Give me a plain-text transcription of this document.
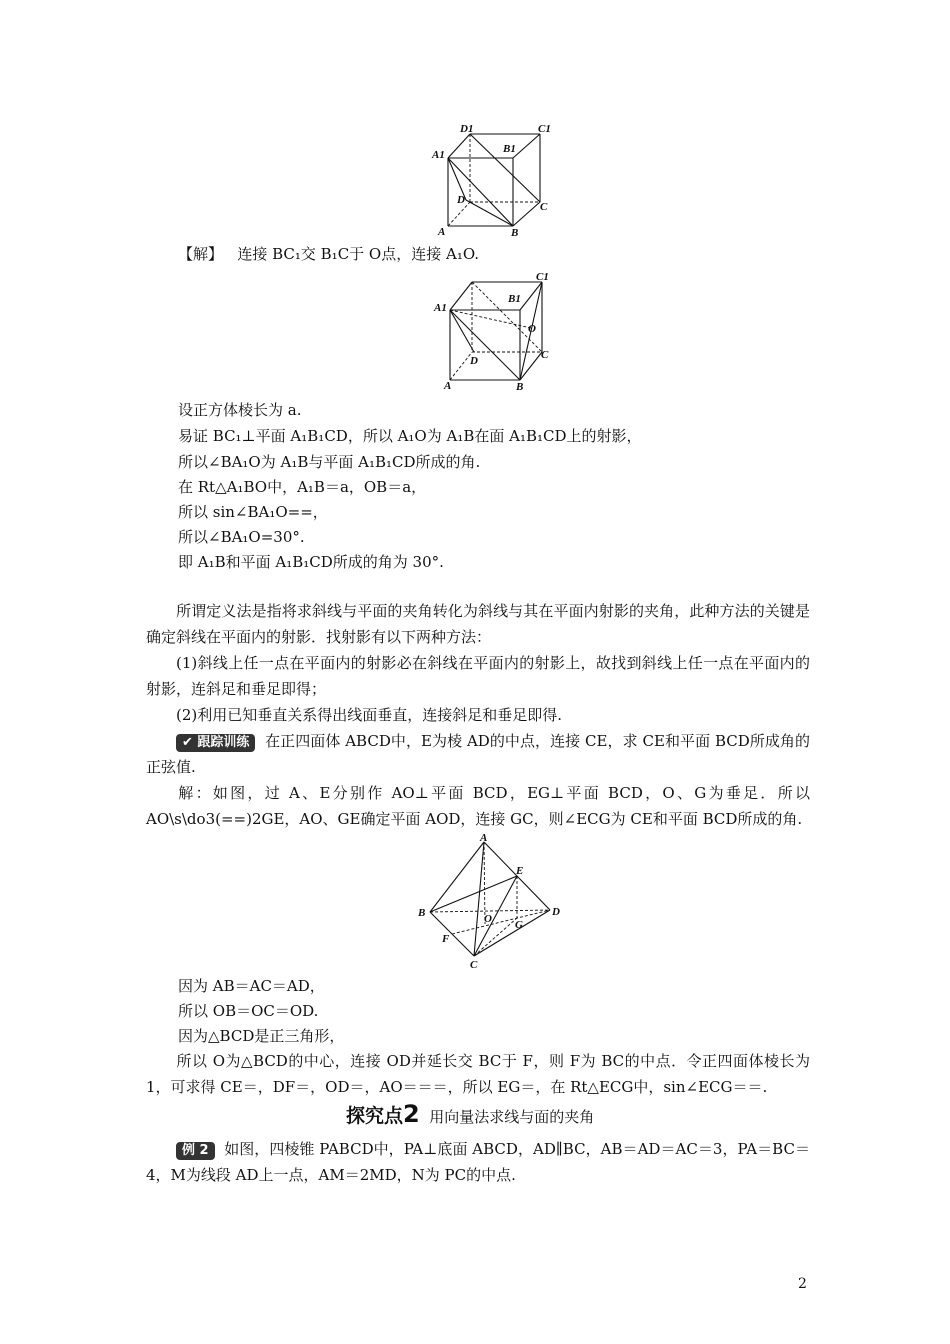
D1	C1
A1	B1
D
C
A	B
【解】 连接 BC₁交 B₁C于 O点，连接 A₁O.
C1
B1
A1
O
C
D
A	B
设正方体棱长为 a.
易证 BC₁⊥平面 A₁B₁CD，所以 A₁O为 A₁B在面 A₁B₁CD上的射影，
所以∠BA₁O为 A₁B与平面 A₁B₁CD所成的角.
在 Rt△A₁BO中，A₁B＝a，OB＝a，
所以 sin∠BA₁O==，
所以∠BA₁O=30°.
即 A₁B和平面 A₁B₁CD所成的角为 30°.
所谓定义法是指将求斜线与平面的夹角转化为斜线与其在平面内射影的夹角，此种方法的关键是确定斜线在平面内的射影．找射影有以下两种方法：
(1)斜线上任一点在平面内的射影必在斜线在平面内的射影上，故找到斜线上任一点在平面内的射影，连斜足和垂足即得；
(2)利用已知垂直关系得出线面垂直，连接斜足和垂足即得.
✔ 跟踪训练 在正四面体 ABCD中，E为棱 AD的中点，连接 CE，求 CE和平面 BCD所成角的正弦值.
解：如图，过 A、E分别作 AO⊥平面 BCD，EG⊥平面 BCD，O、G为垂足．所以 AO\s\do3(==)2GE，AO、GE确定平面 AOD，连接 GC，则∠ECG为 CE和平面 BCD所成的角.
A
E
B	D
O G
F
C
因为 AB＝AC＝AD，
所以 OB＝OC＝OD.
因为△BCD是正三角形，
所以 O为△BCD的中心，连接 OD并延长交 BC于 F，则 F为 BC的中点．令正四面体棱长为 1，可求得 CE＝，DF＝，OD＝，AO＝＝＝，所以 EG＝，在 Rt△ECG中，sin∠ECG＝＝.
探究点2 用向量法求线与面的夹角
例 2 如图，四棱锥 PABCD中，PA⊥底面 ABCD，AD∥BC，AB＝AD＝AC＝3，PA＝BC＝4，M为线段 AD上一点，AM＝2MD，N为 PC的中点.
2
